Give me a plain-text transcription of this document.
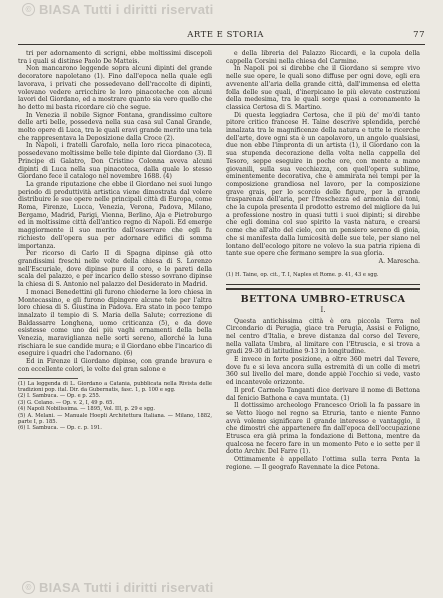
© BIASA Tutti i diritti riservati
ARTE E STORIA	77

tri per adornamento di scrigni, ebbe moltissimi discepoli tra i quali si distinse Paolo De Matteis.

Non mancarono leggende sopra alcuni dipinti del grande decoratore napoletano (1). Fino dall'epoca nella quale egli lavorava, i privati che possedevano dell'raccolte di dipinti, volevano vedere arricchire le loro pinacoteche con alcuni lavori del Giordano, ed a mostrare quanto sia vero quello che ho detto mi basta ricordare ciò che segue.

In Venezia il nobile Signor Fontana, grandissimo cultore delle arti belle, possedeva nella sua casa sul Canal Grande, molto opere di Luca, tra le quali eravi grande merito una tela che rappresentava la Deposizione dalla Croce (2).

In Napoli, i fratelli Garofalo, nella loro ricca pinacoteca, possedevano moltissime belle tele dipinte dal Giordano (3). Il Principe di Galatro, Don Cristino Colonna aveva alcuni dipinti di Luca nella sua pinacoteca, dalla quale lo stesso Giordano fece il catalogo nel novembre 1688. (4)

La grande riputazione che ebbe il Giordano nei suoi lungo periodo di produttività artistica viene dimostrata dal volere distribuire le sue opere nelle principali città di Europa, come Roma, Firenze, Lucca, Venezia, Verona, Padova, Milano, Bergamo, Madrid, Parigi, Vienna, Berlino, Aja e Pietroburgo ed in moltissime città dell'antico regno di Napoli. Ed emerge maggiormente il suo merito dall'osservare che egli fu richiesto dell'opera sua per adornare edifici di somma importanza.

Per ricorso di Carlo II di Spagna dipinse già otto grandissimi freschi nelle volte della chiesa di S. Lorenzo nell'Escuriale, dove dipinse pure il coro, e le pareti della scala del palazzo, e per incarico dello stesso sovrano dipinse la chiesa di S. Antonio nel palazzo del Desiderato in Madrid.

I monaci Benedettini gli furono chiederne la loro chiesa in Montecassino, e gli furono dipingere alcune tele per l'altra loro chiesa di S. Giustina in Padova. Era stato in poco tempo innalzato il tempio di S. Maria della Salute; correzione di Baldassarre Longhena, uomo criticanza (5), e da dove esistesse come uno dei più vaghi ornamenti della bella Venezia, maraviglianza nelle sorti sereno, allorché la luna rischiara le sue candide mura; e il Giordano ebbe l'incarico di eseguire i quadri che l'adornano. (6)

Ed in Firenze il Giordano dipinse, con grande bravura e con eccellente colori, le volte del gran salone e

(1) La leggenda di L. Giordano a Catania, pubblicata nella Rivista delle tradizioni pop. ital. Dir. da Gubernatis, fasc. 1, p. 100 e sgg.
(2) I. Sambuca. — Op. e p. 255.
(3) G. Celano. — Op. v. 2, I, 49 p. 65.
(4) Napoli Nobilissima. — 1895, Vol. III, p. 29 e sgg.
(5) A. Melani. — Manuale Hoepli Architettura Italiana. — Milano, 1882, parte I, p. 185.
(6) I. Sambuca. — Op. c. p. 191.

e della libreria del Palazzo Riccardi, e la cupola della cappella Corsini nella chiesa del Carmine.

In Napoli poi si direbbe che il Giordano si sempre vivo nelle sue opere, le quali sono diffuse per ogni dove, egli era avvenente all'aria della grande città, dall'immensa ed eletta folla delle sue quali, d'inerpicano le più elevate costruzioni della medesima, tra le quali sorge quasi a coronamento la classica Certosa di S. Martino.

Di questa leggiadra Certosa, che il più de' mo'di tanto pitore critico francese H. Taine descrive splendida, perché innalzata tra le magnificenze della natura e tutte le ricerche dell'arte, dove ogni sta è un capolavoro, un angolo qualsiasi, due non ebbe l'impronta di un artista (1), il Giordano con la sua stupenda decorazione della volta nella cappella del Tesoro, seppe eseguire in poche ore, con mente a mano giovanili, sulla sua vecchiezza, con quell'opera sublime, eminentemente decorativa, che è ammirata nei tempi per la composizione grandiosa nel lavoro, per la composizione grave grais, per lo scorcio delle figure, per la grande trasparenza dell'aria, per l'freschezza ed armonia dei toni, che la cupola presenta il prodotto estremo del migliore da lui a professione nostro in quasi tutti i suoi dipinti; si direbbe che egli domina col suo spirito la vasta natura, e crearsi come che all'alto del cielo, con un pensiero sereno di gioia, che si manifesta dalla lumicosità delle sue tele, per siano nel lontano dell'ecologo pitore ne volevo la sua patria ripiena di tante sue opere che fermano sempre la sua gloria.

A. Marescha.

(1) H. Taine, op. cit., T. I, Naples et Rome. p. 41, 43 e sgg.
BETTONA UMBRO-ETRUSCA
I.

Questa antichissima città è ora piccola Terra nel Circondario di Perugia, giace tra Perugia, Assisi e Foligno, nel centro d'Italia, e breve distanza dal corso del Tevere, nella vallata Umbra, al limitare con l'Etruscia, e si trova a gradi 29-30 di latitudine 9-13 in longitudine.

E invece in forte posizione, a oltre 360 metri dal Tevere, dove fu e si leva ancora sulla estremità di un colle di metri 360 sul livello del mare, donde appiè l'occhio si vede, vasto ed incantevole orizzonte.

Il prof. Carmelo Tanganti dice derivare il nome di Bettona dal fenicio Bathona e cava muntata. (1)

Il dottissimo archeologo Francesco Orioli la fa passare in se Vetto lùogo nel regno sa Etruria, tanto e niente Fanno avvà volemo significare il grande interesso e vantaggio, il che dimostri che appartenere fin dall'epoca dell'occupazione Etrusca era già prima la fondazione di Bettona, mentre da qualcosa ne fecero fare in un momento Peto e io sette per il dotto Archiv. Del Farre (1).

Ottimamente è appellato l'ottima sulla terra Penta la regione. — Il geografo Ravennate la dice Petona.

© BIASA Tutti i diritti riservati
